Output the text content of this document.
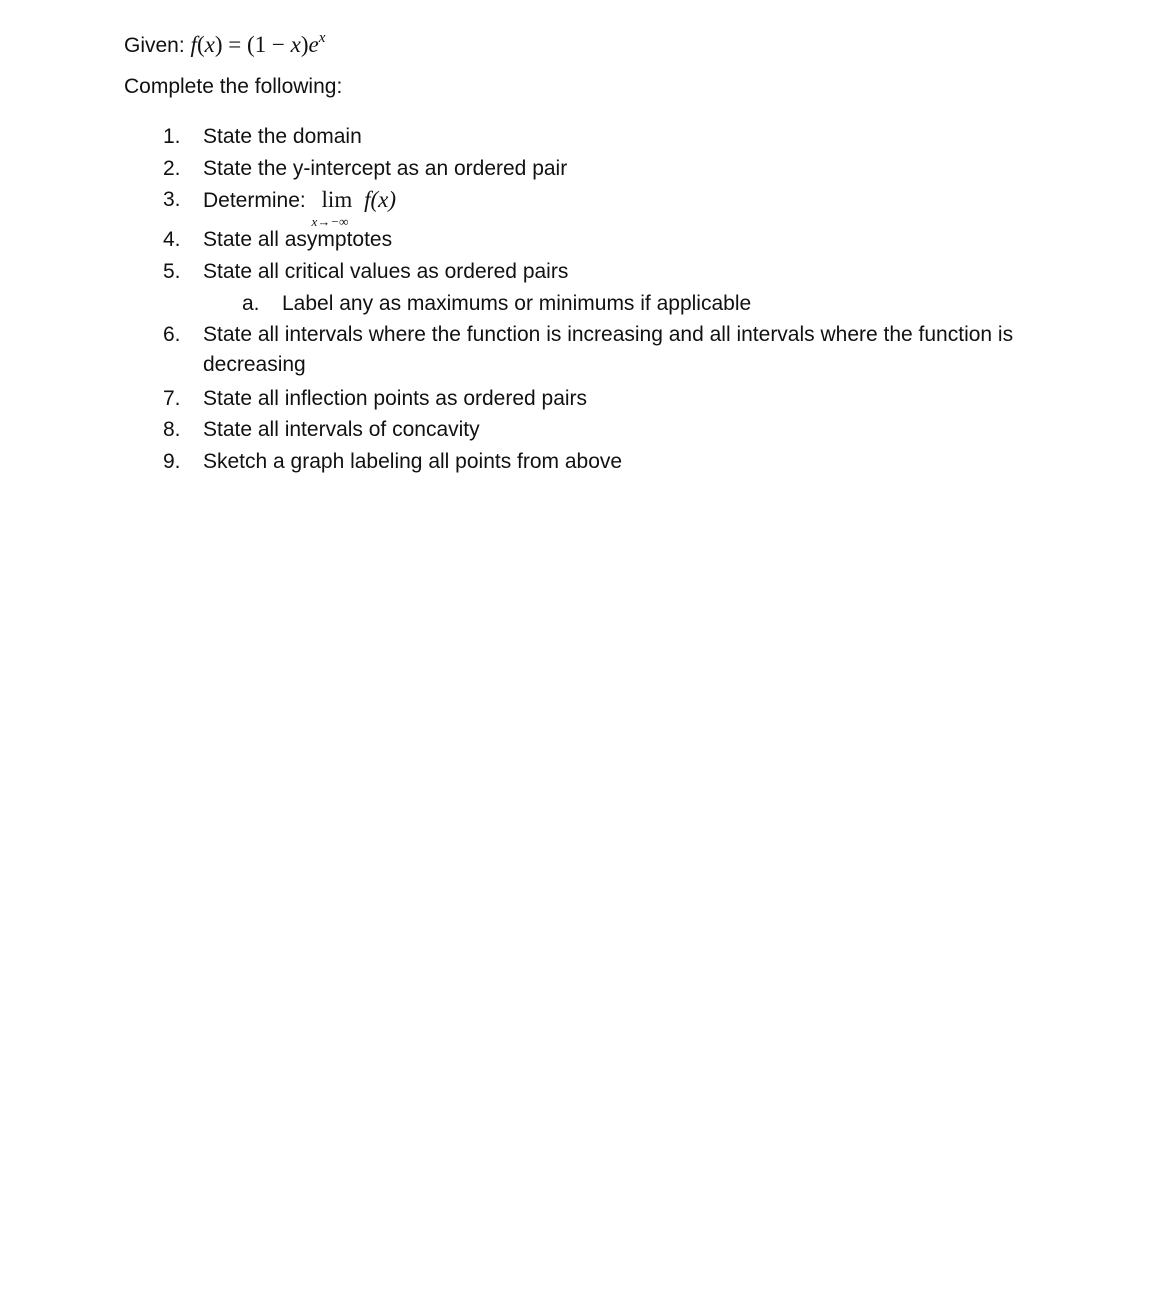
Given: $f(x) = (1 - x)e^x$
Complete the following:
1. State the domain
2. State the y-intercept as an ordered pair
3. Determine: lim
x→−∞
f(x)
4. State all asymptotes
5. State all critical values as ordered pairs
a. Label any as maximums or minimums if applicable
6. State all intervals where the function is increasing and all intervals where the function is decreasing
7. State all inflection points as ordered pairs
8. State all intervals of concavity
9. Sketch a graph labeling all points from above
